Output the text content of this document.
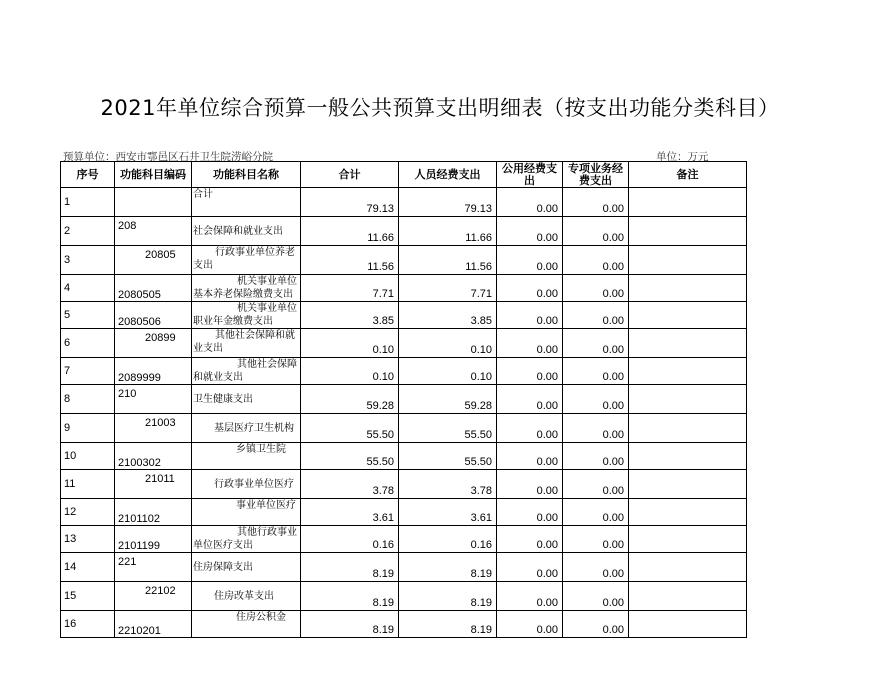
2021年单位综合预算一般公共预算支出明细表（按支出功能分类科目）
预算单位：西安市鄠邑区石井卫生院涝峪分院	单位：万元
序号	功能科目编码	功能科目名称	合计	人员经费支出	公用经费支出	专项业务经费支出	备注
1		合计	79.13	79.13	0.00	0.00	
2	208	社会保障和就业支出	11.66	11.66	0.00	0.00	
3	20805	行政事业单位养老支出	11.56	11.56	0.00	0.00	
4	2080505	机关事业单位基本养老保险缴费支出	7.71	7.71	0.00	0.00	
5	2080506	机关事业单位职业年金缴费支出	3.85	3.85	0.00	0.00	
6	20899	其他社会保障和就业支出	0.10	0.10	0.00	0.00	
7	2089999	其他社会保障和就业支出	0.10	0.10	0.00	0.00	
8	210	卫生健康支出	59.28	59.28	0.00	0.00	
9	21003	基层医疗卫生机构	55.50	55.50	0.00	0.00	
10	2100302	乡镇卫生院	55.50	55.50	0.00	0.00	
11	21011	行政事业单位医疗	3.78	3.78	0.00	0.00	
12	2101102	事业单位医疗	3.61	3.61	0.00	0.00	
13	2101199	其他行政事业单位医疗支出	0.16	0.16	0.00	0.00	
14	221	住房保障支出	8.19	8.19	0.00	0.00	
15	22102	住房改革支出	8.19	8.19	0.00	0.00	
16	2210201	住房公积金	8.19	8.19	0.00	0.00	
